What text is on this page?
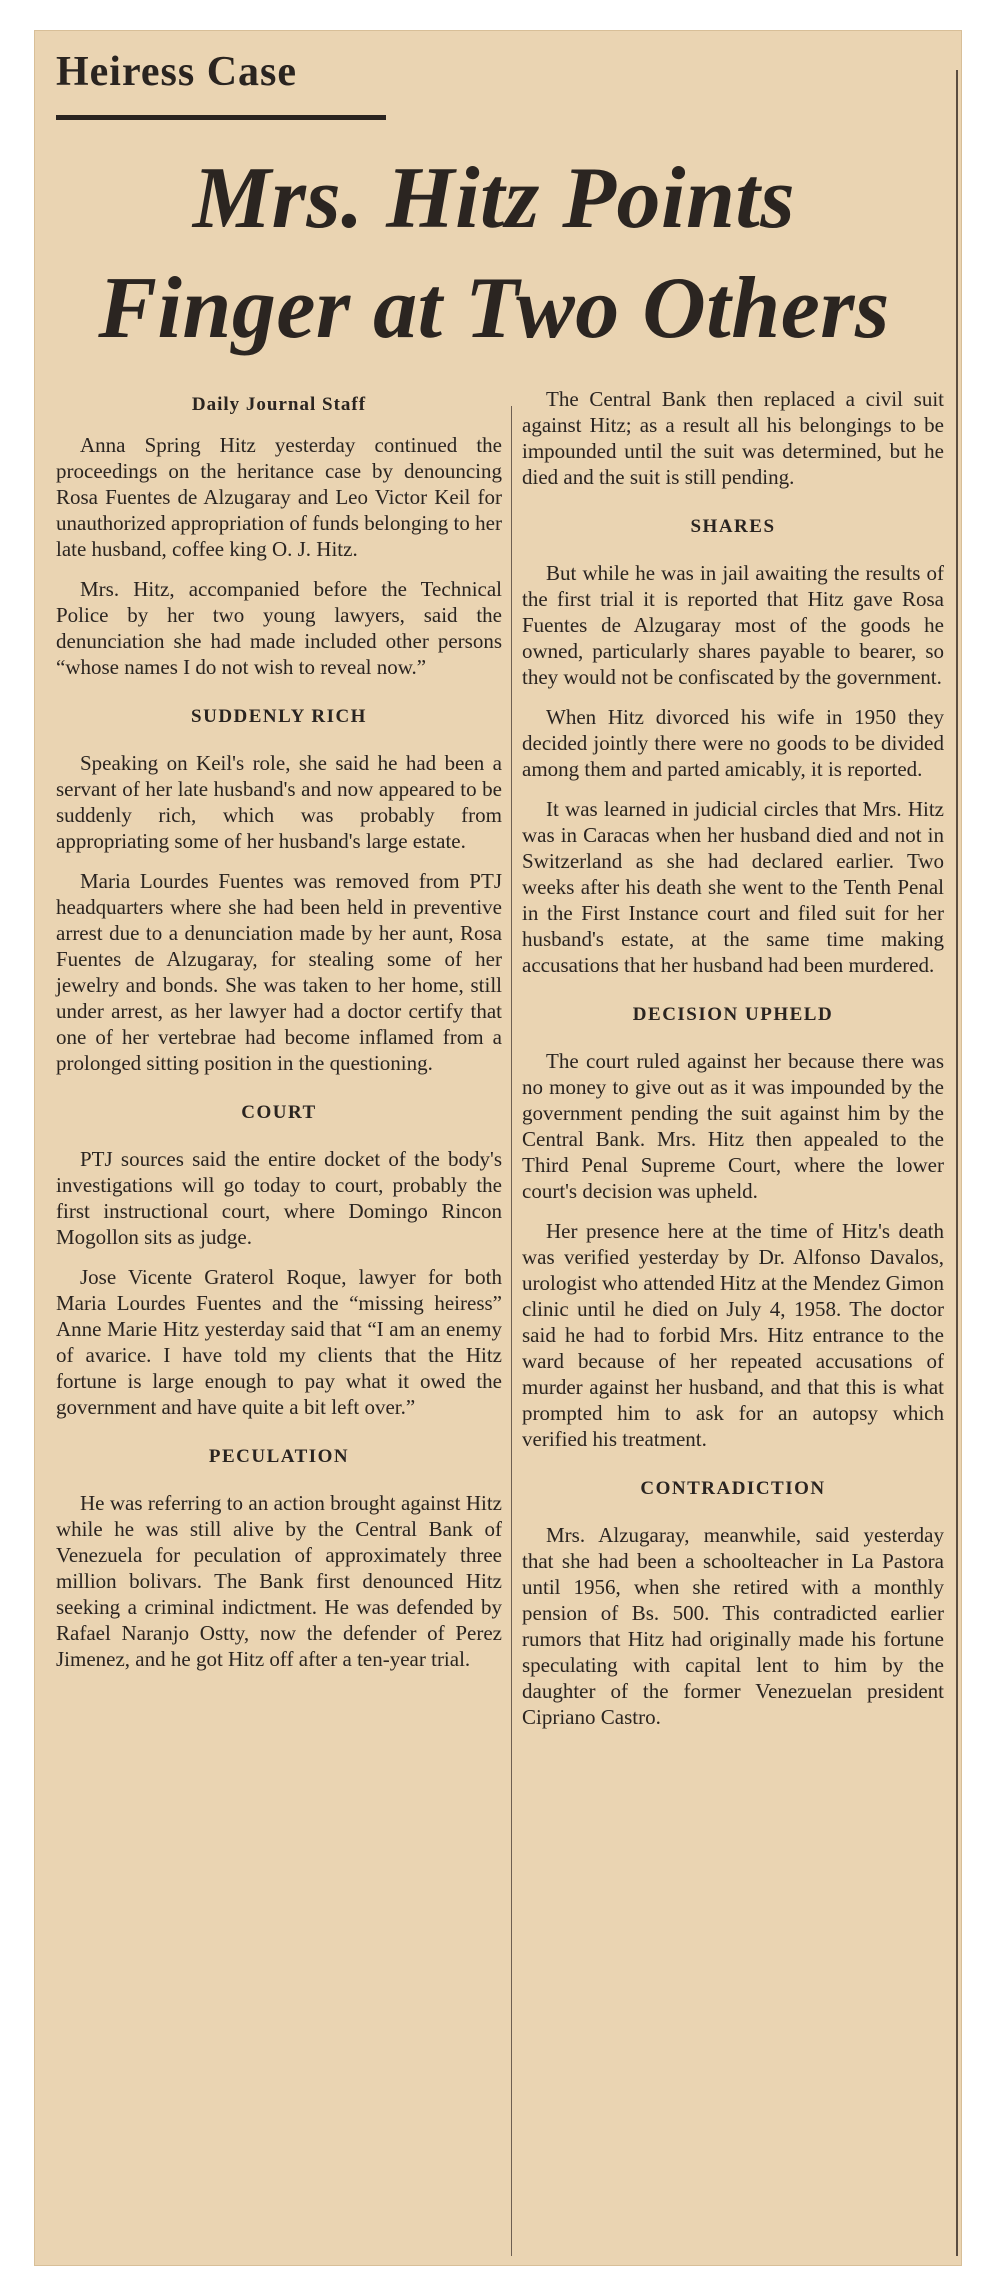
Heiress Case
Mrs. Hitz Points
Finger at Two Others
Daily Journal Staff

Anna Spring Hitz yesterday continued the proceedings on the heritance case by denouncing Rosa Fuentes de Alzugaray and Leo Victor Keil for unauthorized appropriation of funds belonging to her late husband, coffee king O. J. Hitz.

Mrs. Hitz, accompanied before the Technical Police by her two young lawyers, said the denunciation she had made included other persons “whose names I do not wish to reveal now.”

SUDDENLY RICH

Speaking on Keil's role, she said he had been a servant of her late husband's and now appeared to be suddenly rich, which was probably from appropriating some of her husband's large estate.

Maria Lourdes Fuentes was removed from PTJ headquarters where she had been held in preventive arrest due to a denunciation made by her aunt, Rosa Fuentes de Alzugaray, for stealing some of her jewelry and bonds. She was taken to her home, still under arrest, as her lawyer had a doctor certify that one of her vertebrae had become inflamed from a prolonged sitting position in the questioning.

COURT

PTJ sources said the entire docket of the body's investigations will go today to court, probably the first instructional court, where Domingo Rincon Mogollon sits as judge.

Jose Vicente Graterol Roque, lawyer for both Maria Lourdes Fuentes and the “missing heiress” Anne Marie Hitz yesterday said that “I am an enemy of avarice. I have told my clients that the Hitz fortune is large enough to pay what it owed the government and have quite a bit left over.”

PECULATION

He was referring to an action brought against Hitz while he was still alive by the Central Bank of Venezuela for peculation of approximately three million bolivars. The Bank first denounced Hitz seeking a criminal indictment. He was defended by Rafael Naranjo Ostty, now the defender of Perez Jimenez, and he got Hitz off after a ten-year trial.

The Central Bank then replaced a civil suit against Hitz; as a result all his belongings to be impounded until the suit was determined, but he died and the suit is still pending.

SHARES

But while he was in jail awaiting the results of the first trial it is reported that Hitz gave Rosa Fuentes de Alzugaray most of the goods he owned, particularly shares payable to bearer, so they would not be confiscated by the government.

When Hitz divorced his wife in 1950 they decided jointly there were no goods to be divided among them and parted amicably, it is reported.

It was learned in judicial circles that Mrs. Hitz was in Caracas when her husband died and not in Switzerland as she had declared earlier. Two weeks after his death she went to the Tenth Penal in the First Instance court and filed suit for her husband's estate, at the same time making accusations that her husband had been murdered.

DECISION UPHELD

The court ruled against her because there was no money to give out as it was impounded by the government pending the suit against him by the Central Bank. Mrs. Hitz then appealed to the Third Penal Supreme Court, where the lower court's decision was upheld.

Her presence here at the time of Hitz's death was verified yesterday by Dr. Alfonso Davalos, urologist who attended Hitz at the Mendez Gimon clinic until he died on July 4, 1958. The doctor said he had to forbid Mrs. Hitz entrance to the ward because of her repeated accusations of murder against her husband, and that this is what prompted him to ask for an autopsy which verified his treatment.

CONTRADICTION

Mrs. Alzugaray, meanwhile, said yesterday that she had been a schoolteacher in La Pastora until 1956, when she retired with a monthly pension of Bs. 500. This contradicted earlier rumors that Hitz had originally made his fortune speculating with capital lent to him by the daughter of the former Venezuelan president Cipriano Castro.
